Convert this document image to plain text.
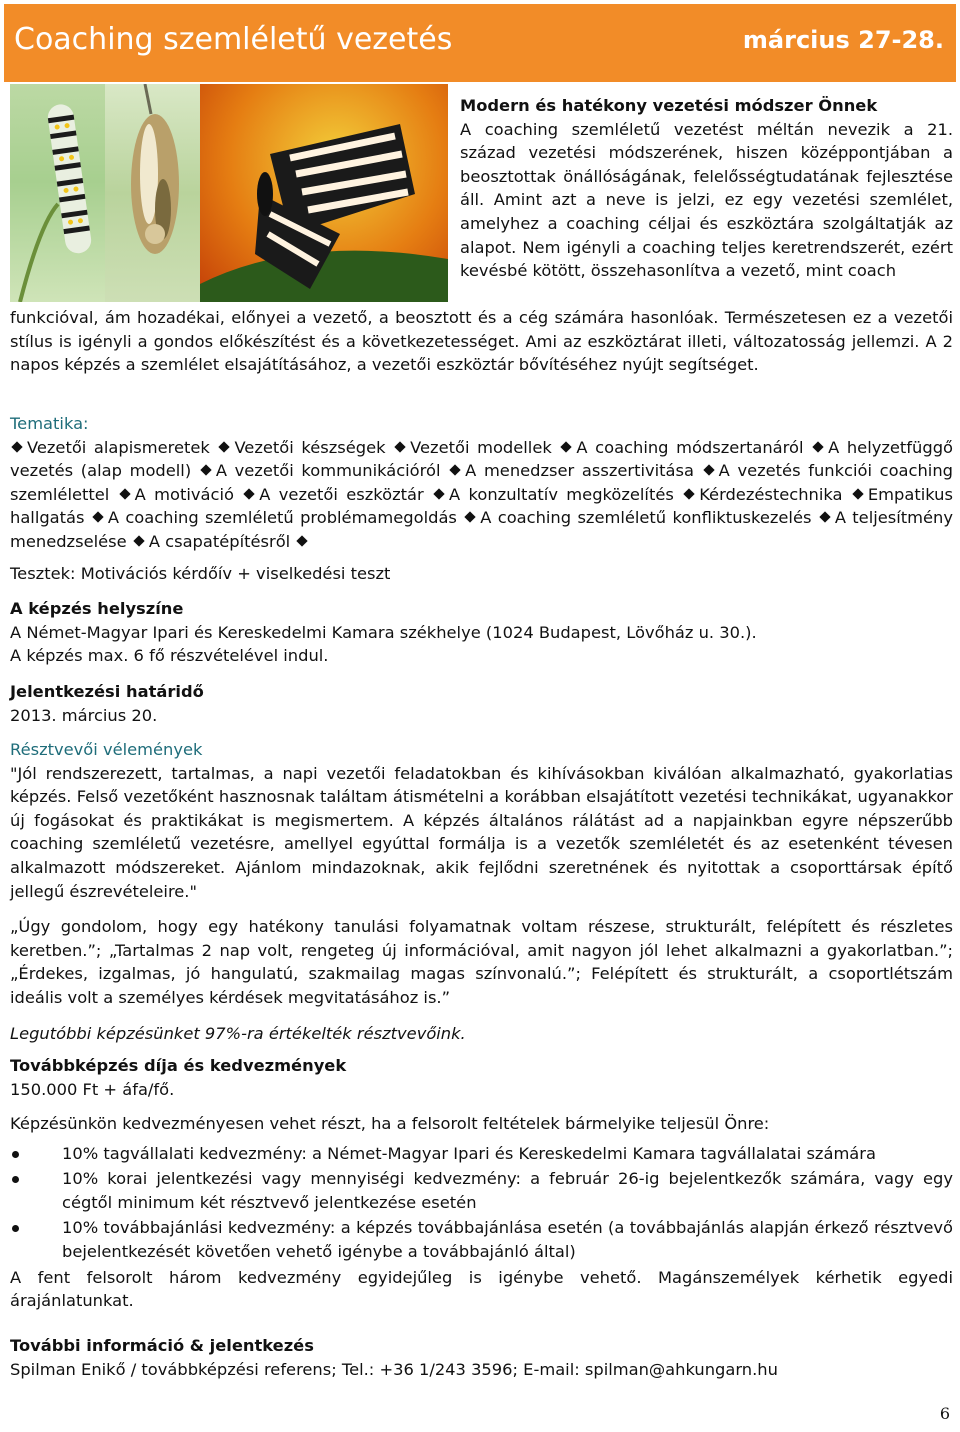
Coaching szemléletű vezetés	március 27-28.
Modern és hatékony vezetési módszer Önnek
A coaching szemléletű vezetést méltán nevezik a 21. század vezetési módszerének, hiszen középpontjában a beosztottak önállóságának, felelősségtudatának fejlesztése áll. Amint azt a neve is jelzi, ez egy vezetési szemlélet, amelyhez a coaching céljai és eszköztára szolgáltatják az alapot. Nem igényli a coaching teljes keretrendszerét, ezért kevésbé kötött, összehasonlítva a vezető, mint coach
funkcióval, ám hozadékai, előnyei a vezető, a beosztott és a cég számára hasonlóak. Természetesen ez a vezetői stílus is igényli a gondos előkészítést és a következetességet. Ami az eszköztárat illeti, változatosság jellemzi. A 2 napos képzés a szemlélet elsajátításához, a vezetői eszköztár bővítéséhez nyújt segítséget.
Tematika:
Vezetői alapismeretek Vezetői készségek Vezetői modellek A coaching módszertanáról A helyzetfüggő vezetés (alap modell) A vezetői kommunikációról A menedzser asszertivitása A vezetés funkciói coaching szemlélettel A motiváció A vezetői eszköztár A konzultatív megközelítés Kérdezéstechnika Empatikus hallgatás A coaching szemléletű problémamegoldás A coaching szemléletű konfliktuskezelés A teljesítmény menedzselése A csapatépítésről
Tesztek: Motivációs kérdőív + viselkedési teszt
A képzés helyszíne
A Német-Magyar Ipari és Kereskedelmi Kamara székhelye (1024 Budapest, Lövőház u. 30.).
A képzés max. 6 fő részvételével indul.
Jelentkezési határidő
2013. március 20.
Résztvevői vélemények
"Jól rendszerezett, tartalmas, a napi vezetői feladatokban és kihívásokban kiválóan alkalmazható, gyakorlatias képzés. Felső vezetőként hasznosnak találtam átismételni a korábban elsajátított vezetési technikákat, ugyanakkor új fogásokat és praktikákat is megismertem. A képzés általános rálátást ad a napjainkban egyre népszerűbb coaching szemléletű vezetésre, amellyel egyúttal formálja is a vezetők szemléletét és az esetenként tévesen alkalmazott módszereket. Ajánlom mindazoknak, akik fejlődni szeretnének és nyitottak a csoporttársak építő jellegű észrevételeire."
„Úgy gondolom, hogy egy hatékony tanulási folyamatnak voltam részese, strukturált, felépített és részletes keretben.”; „Tartalmas 2 nap volt, rengeteg új információval, amit nagyon jól lehet alkalmazni a gyakorlatban.”; „Érdekes, izgalmas, jó hangulatú, szakmailag magas színvonalú.”; Felépített és strukturált, a csoportlétszám ideális volt a személyes kérdések megvitatásához is.”
Legutóbbi képzésünket 97%-ra értékelték résztvevőink.
Továbbképzés díja és kedvezmények
150.000 Ft + áfa/fő.
Képzésünkön kedvezményesen vehet részt, ha a felsorolt feltételek bármelyike teljesül Önre:
10% tagvállalati kedvezmény: a Német-Magyar Ipari és Kereskedelmi Kamara tagvállalatai számára
10% korai jelentkezési vagy mennyiségi kedvezmény: a február 26-ig bejelentkezők számára, vagy egy cégtől minimum két résztvevő jelentkezése esetén
10% továbbajánlási kedvezmény: a képzés továbbajánlása esetén (a továbbajánlás alapján érkező résztvevő bejelentkezését követően vehető igénybe a továbbajánló által)
A fent felsorolt három kedvezmény egyidejűleg is igénybe vehető. Magánszemélyek kérhetik egyedi árajánlatunkat.
További információ & jelentkezés
Spilman Enikő / továbbképzési referens; Tel.: +36 1/243 3596; E-mail: spilman@ahkungarn.hu
6
